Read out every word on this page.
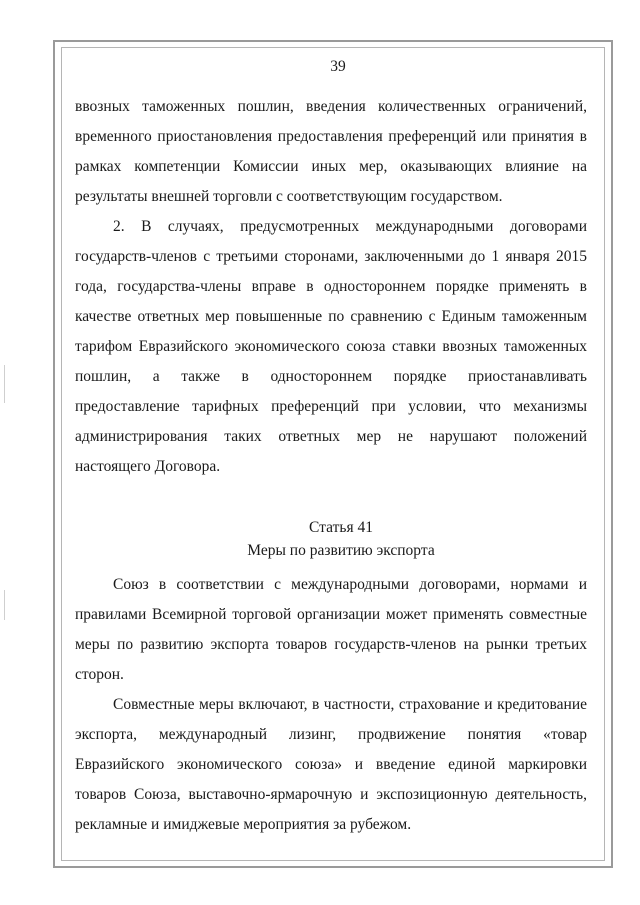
39

ввозных таможенных пошлин, введения количественных ограничений, временного приостановления предоставления преференций или принятия в рамках компетенции Комиссии иных мер, оказывающих влияние на результаты внешней торговли с соответствующим государством.

2. В случаях, предусмотренных международными договорами государств-членов с третьими сторонами, заключенными до 1 января 2015 года, государства-члены вправе в одностороннем порядке применять в качестве ответных мер повышенные по сравнению с Единым таможенным тарифом Евразийского экономического союза ставки ввозных таможенных пошлин, а также в одностороннем порядке приостанавливать предоставление тарифных преференций при условии, что механизмы администрирования таких ответных мер не нарушают положений настоящего Договора.

Статья 41
Меры по развитию экспорта

Союз в соответствии с международными договорами, нормами и правилами Всемирной торговой организации может применять совместные меры по развитию экспорта товаров государств-членов на рынки третьих сторон.

Совместные меры включают, в частности, страхование и кредитование экспорта, международный лизинг, продвижение понятия «товар Евразийского экономического союза» и введение единой маркировки товаров Союза, выставочно-ярмарочную и экспозиционную деятельность, рекламные и имиджевые мероприятия за рубежом.
